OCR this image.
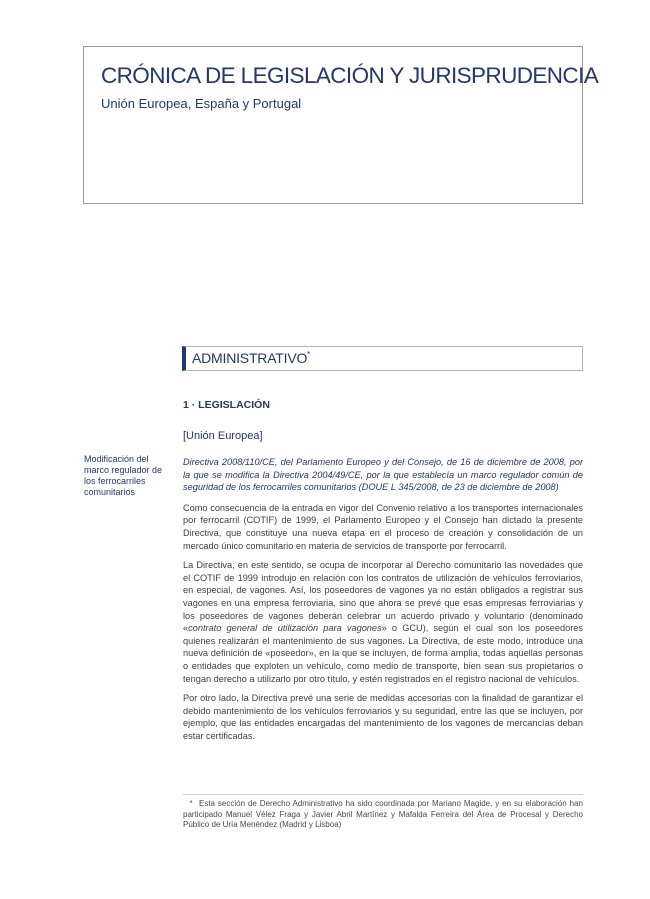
CRÓNICA DE LEGISLACIÓN Y JURISPRUDENCIA
Unión Europea, España y Portugal
ADMINISTRATIVO*
1 · LEGISLACIÓN
[Unión Europea]
Modificación del marco regulador de los ferrocarriles comunitarios

Directiva 2008/110/CE, del Parlamento Europeo y del Consejo, de 16 de diciembre de 2008, por la que se modifica la Directiva 2004/49/CE, por la que establecía un marco regulador común de seguridad de los ferrocarriles comunitarios (DOUE L 345/2008, de 23 de diciembre de 2008)

Como consecuencia de la entrada en vigor del Convenio relativo a los transportes internacionales por ferrocarril (COTIF) de 1999, el Parlamento Europeo y el Consejo han dictado la presente Directiva, que constituye una nueva etapa en el proceso de creación y consolidación de un mercado único comunitario en materia de servicios de transporte por ferrocarril.

La Directiva, en este sentido, se ocupa de incorporar al Derecho comunitario las novedades que el COTIF de 1999 introdujo en relación con los contratos de utilización de vehículos ferroviarios, en especial, de vagones. Así, los poseedores de vagones ya no están obligados a registrar sus vagones en una empresa ferroviaria, sino que ahora se prevé que esas empresas ferroviarias y los poseedores de vagones deberán celebrar un acuerdo privado y voluntario (denominado «contrato general de utilización para vagones» o GCU), según el cual son los poseedores quienes realizarán el mantenimiento de sus vagones. La Directiva, de este modo, introduce una nueva definición de «poseedor», en la que se incluyen, de forma amplia, todas aquellas personas o entidades que exploten un vehículo, como medio de transporte, bien sean sus propietarios o tengan derecho a utilizarlo por otro título, y estén registrados en el registro nacional de vehículos.

Por otro lado, la Directiva prevé una serie de medidas accesorias con la finalidad de garantizar el debido mantenimiento de los vehículos ferroviarios y su seguridad, entre las que se incluyen, por ejemplo, que las entidades encargadas del mantenimiento de los vagones de mercancías deban estar certificadas.

* Esta sección de Derecho Administrativo ha sido coordinada por Mariano Magide, y en su elaboración han participado Manuel Vélez Fraga y Javier Abril Martínez y Mafalda Ferreira del Área de Procesal y Derecho Público de Uría Menéndez (Madrid y Lisboa)
